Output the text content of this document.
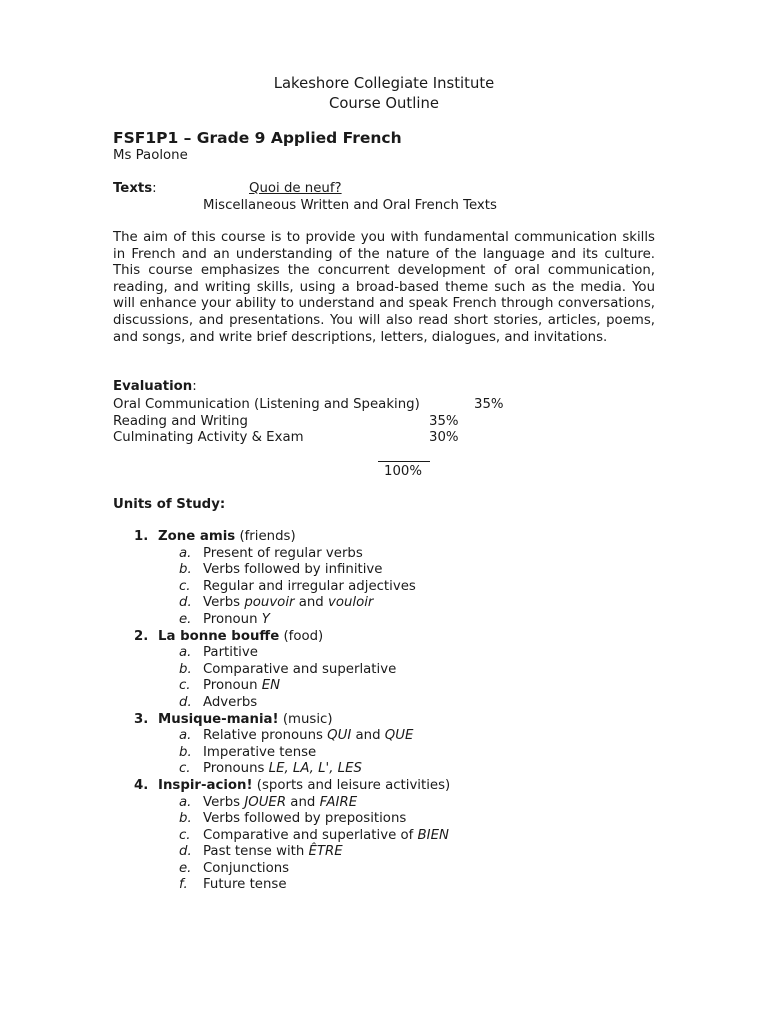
Lakeshore Collegiate Institute
Course Outline
FSF1P1 – Grade 9 Applied French
Ms Paolone
Texts:	Quoi de neuf?
Miscellaneous Written and Oral French Texts
The aim of this course is to provide you with fundamental communication skills in French and an understanding of the nature of the language and its culture. This course emphasizes the concurrent development of oral communication, reading, and writing skills, using a broad-based theme such as the media. You will enhance your ability to understand and speak French through conversations, discussions, and presentations. You will also read short stories, articles, poems, and songs, and write brief descriptions, letters, dialogues, and invitations.
Evaluation:
Oral Communication (Listening and Speaking)	35%
Reading and Writing	35%
Culminating Activity & Exam	30%
100%
Units of Study:
1. Zone amis (friends)
a. Present of regular verbs
b. Verbs followed by infinitive
c. Regular and irregular adjectives
d. Verbs pouvoir and vouloir
e. Pronoun Y
2. La bonne bouffe (food)
a. Partitive
b. Comparative and superlative
c. Pronoun EN
d. Adverbs
3. Musique-mania! (music)
a. Relative pronouns QUI and QUE
b. Imperative tense
c. Pronouns LE, LA, L', LES
4. Inspir-acion! (sports and leisure activities)
a. Verbs JOUER and FAIRE
b. Verbs followed by prepositions
c. Comparative and superlative of BIEN
d. Past tense with ÊTRE
e. Conjunctions
f. Future tense
